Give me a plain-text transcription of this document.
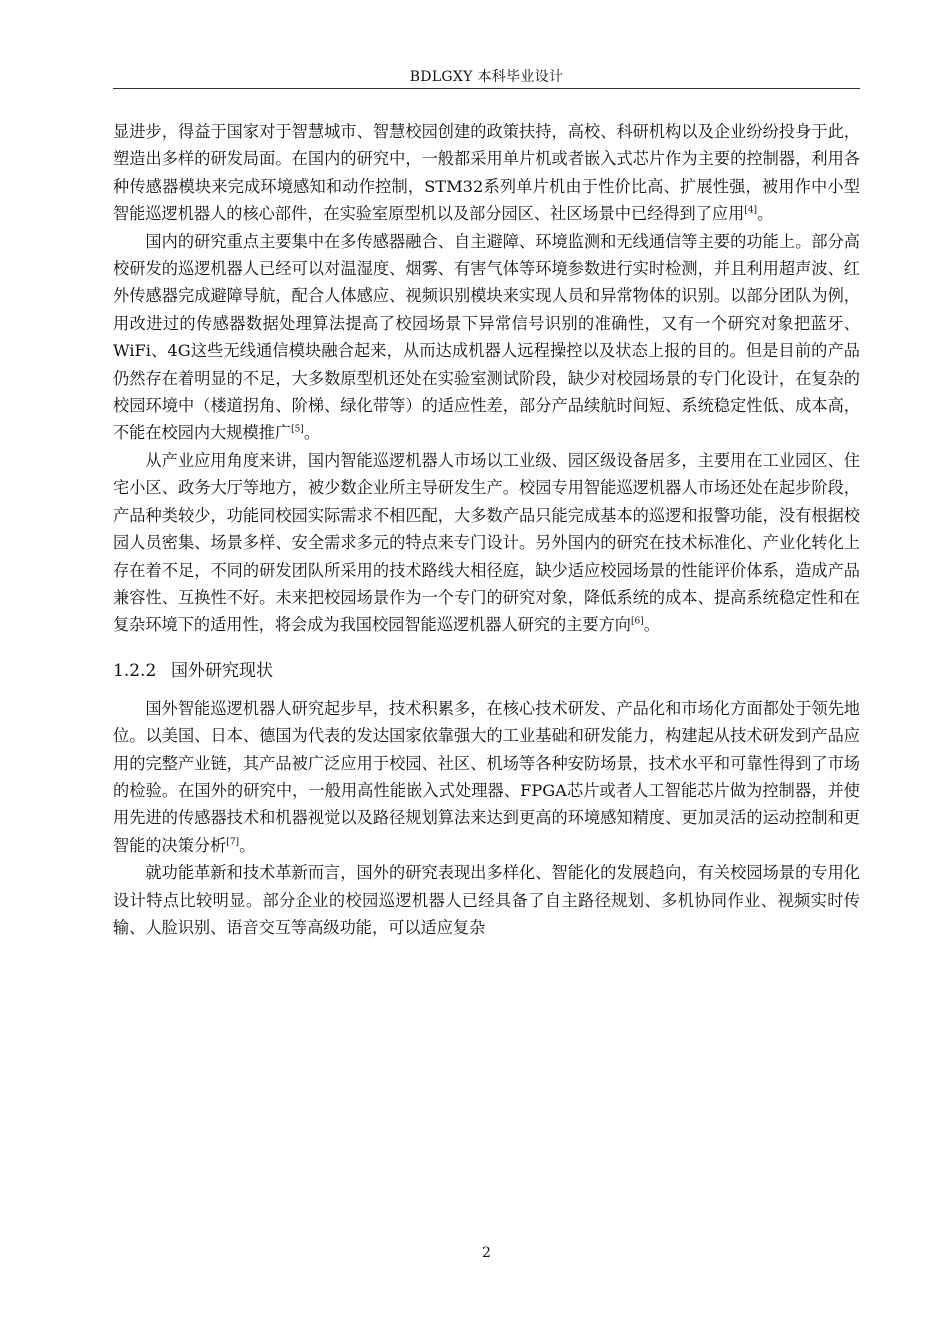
BDLGXY 本科毕业设计

显进步，得益于国家对于智慧城市、智慧校园创建的政策扶持，高校、科研机构以及企业纷纷投身于此，塑造出多样的研发局面。在国内的研究中，一般都采用单片机或者嵌入式芯片作为主要的控制器，利用各种传感器模块来完成环境感知和动作控制，STM32系列单片机由于性价比高、扩展性强，被用作中小型智能巡逻机器人的核心部件，在实验室原型机以及部分园区、社区场景中已经得到了应用[4]。

国内的研究重点主要集中在多传感器融合、自主避障、环境监测和无线通信等主要的功能上。部分高校研发的巡逻机器人已经可以对温湿度、烟雾、有害气体等环境参数进行实时检测，并且利用超声波、红外传感器完成避障导航，配合人体感应、视频识别模块来实现人员和异常物体的识别。以部分团队为例，用改进过的传感器数据处理算法提高了校园场景下异常信号识别的准确性，又有一个研究对象把蓝牙、WiFi、4G这些无线通信模块融合起来，从而达成机器人远程操控以及状态上报的目的。但是目前的产品仍然存在着明显的不足，大多数原型机还处在实验室测试阶段，缺少对校园场景的专门化设计，在复杂的校园环境中（楼道拐角、阶梯、绿化带等）的适应性差，部分产品续航时间短、系统稳定性低、成本高，不能在校园内大规模推广[5]。

从产业应用角度来讲，国内智能巡逻机器人市场以工业级、园区级设备居多，主要用在工业园区、住宅小区、政务大厅等地方，被少数企业所主导研发生产。校园专用智能巡逻机器人市场还处在起步阶段，产品种类较少，功能同校园实际需求不相匹配，大多数产品只能完成基本的巡逻和报警功能，没有根据校园人员密集、场景多样、安全需求多元的特点来专门设计。另外国内的研究在技术标准化、产业化转化上存在着不足，不同的研发团队所采用的技术路线大相径庭，缺少适应校园场景的性能评价体系，造成产品兼容性、互换性不好。未来把校园场景作为一个专门的研究对象，降低系统的成本、提高系统稳定性和在复杂环境下的适用性，将会成为我国校园智能巡逻机器人研究的主要方向[6]。

1.2.2 国外研究现状

国外智能巡逻机器人研究起步早，技术积累多，在核心技术研发、产品化和市场化方面都处于领先地位。以美国、日本、德国为代表的发达国家依靠强大的工业基础和研发能力，构建起从技术研发到产品应用的完整产业链，其产品被广泛应用于校园、社区、机场等各种安防场景，技术水平和可靠性得到了市场的检验。在国外的研究中，一般用高性能嵌入式处理器、FPGA芯片或者人工智能芯片做为控制器，并使用先进的传感器技术和机器视觉以及路径规划算法来达到更高的环境感知精度、更加灵活的运动控制和更智能的决策分析[7]。

就功能革新和技术革新而言，国外的研究表现出多样化、智能化的发展趋向，有关校园场景的专用化设计特点比较明显。部分企业的校园巡逻机器人已经具备了自主路径规划、多机协同作业、视频实时传输、人脸识别、语音交互等高级功能，可以适应复杂

2
